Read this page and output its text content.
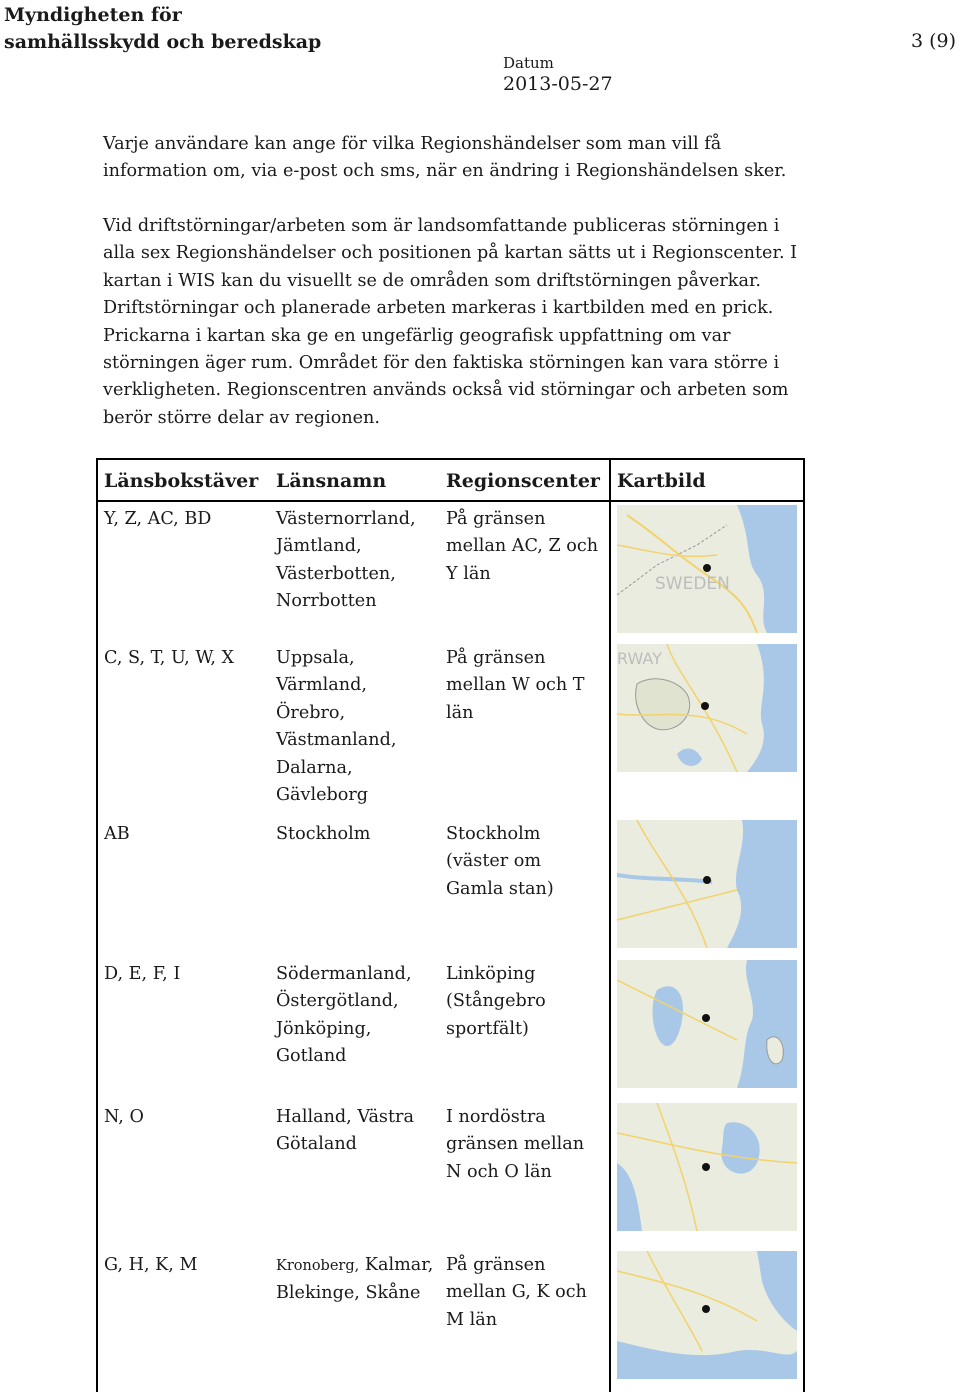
Myndigheten för
samhällsskydd och beredskap	3 (9)
Datum
2013-05-27

Varje användare kan ange för vilka Regionshändelser som man vill få information om, via e-post och sms, när en ändring i Regionshändelsen sker.

Vid driftstörningar/arbeten som är landsomfattande publiceras störningen i alla sex Regionshändelser och positionen på kartan sätts ut i Regionscenter. I kartan i WIS kan du visuellt se de områden som driftstörningen påverkar. Driftstörningar och planerade arbeten markeras i kartbilden med en prick. Prickarna i kartan ska ge en ungefärlig geografisk uppfattning om var störningen äger rum. Området för den faktiska störningen kan vara större i verkligheten. Regionscentren används också vid störningar och arbeten som berör större delar av regionen.

Länsbokstäver	Länsnamn	Regionscenter	Kartbild
Y, Z, AC, BD	Västernorrland, Jämtland, Västerbotten, Norrbotten	På gränsen mellan AC, Z och Y län	SWEDEN

C, S, T, U, W, X	Uppsala, Värmland, Örebro, Västmanland, Dalarna, Gävleborg	På gränsen mellan W och T län	RWAY

AB	Stockholm	Stockholm (väster om Gamla stan)	

D, E, F, I	Södermanland, Östergötland, Jönköping, Gotland	Linköping (Stångebro sportfält)	

N, O	Halland, Västra Götaland	I nordöstra gränsen mellan N och O län	

G, H, K, M	Kronoberg, Kalmar, Blekinge, Skåne	På gränsen mellan G, K och M län	
